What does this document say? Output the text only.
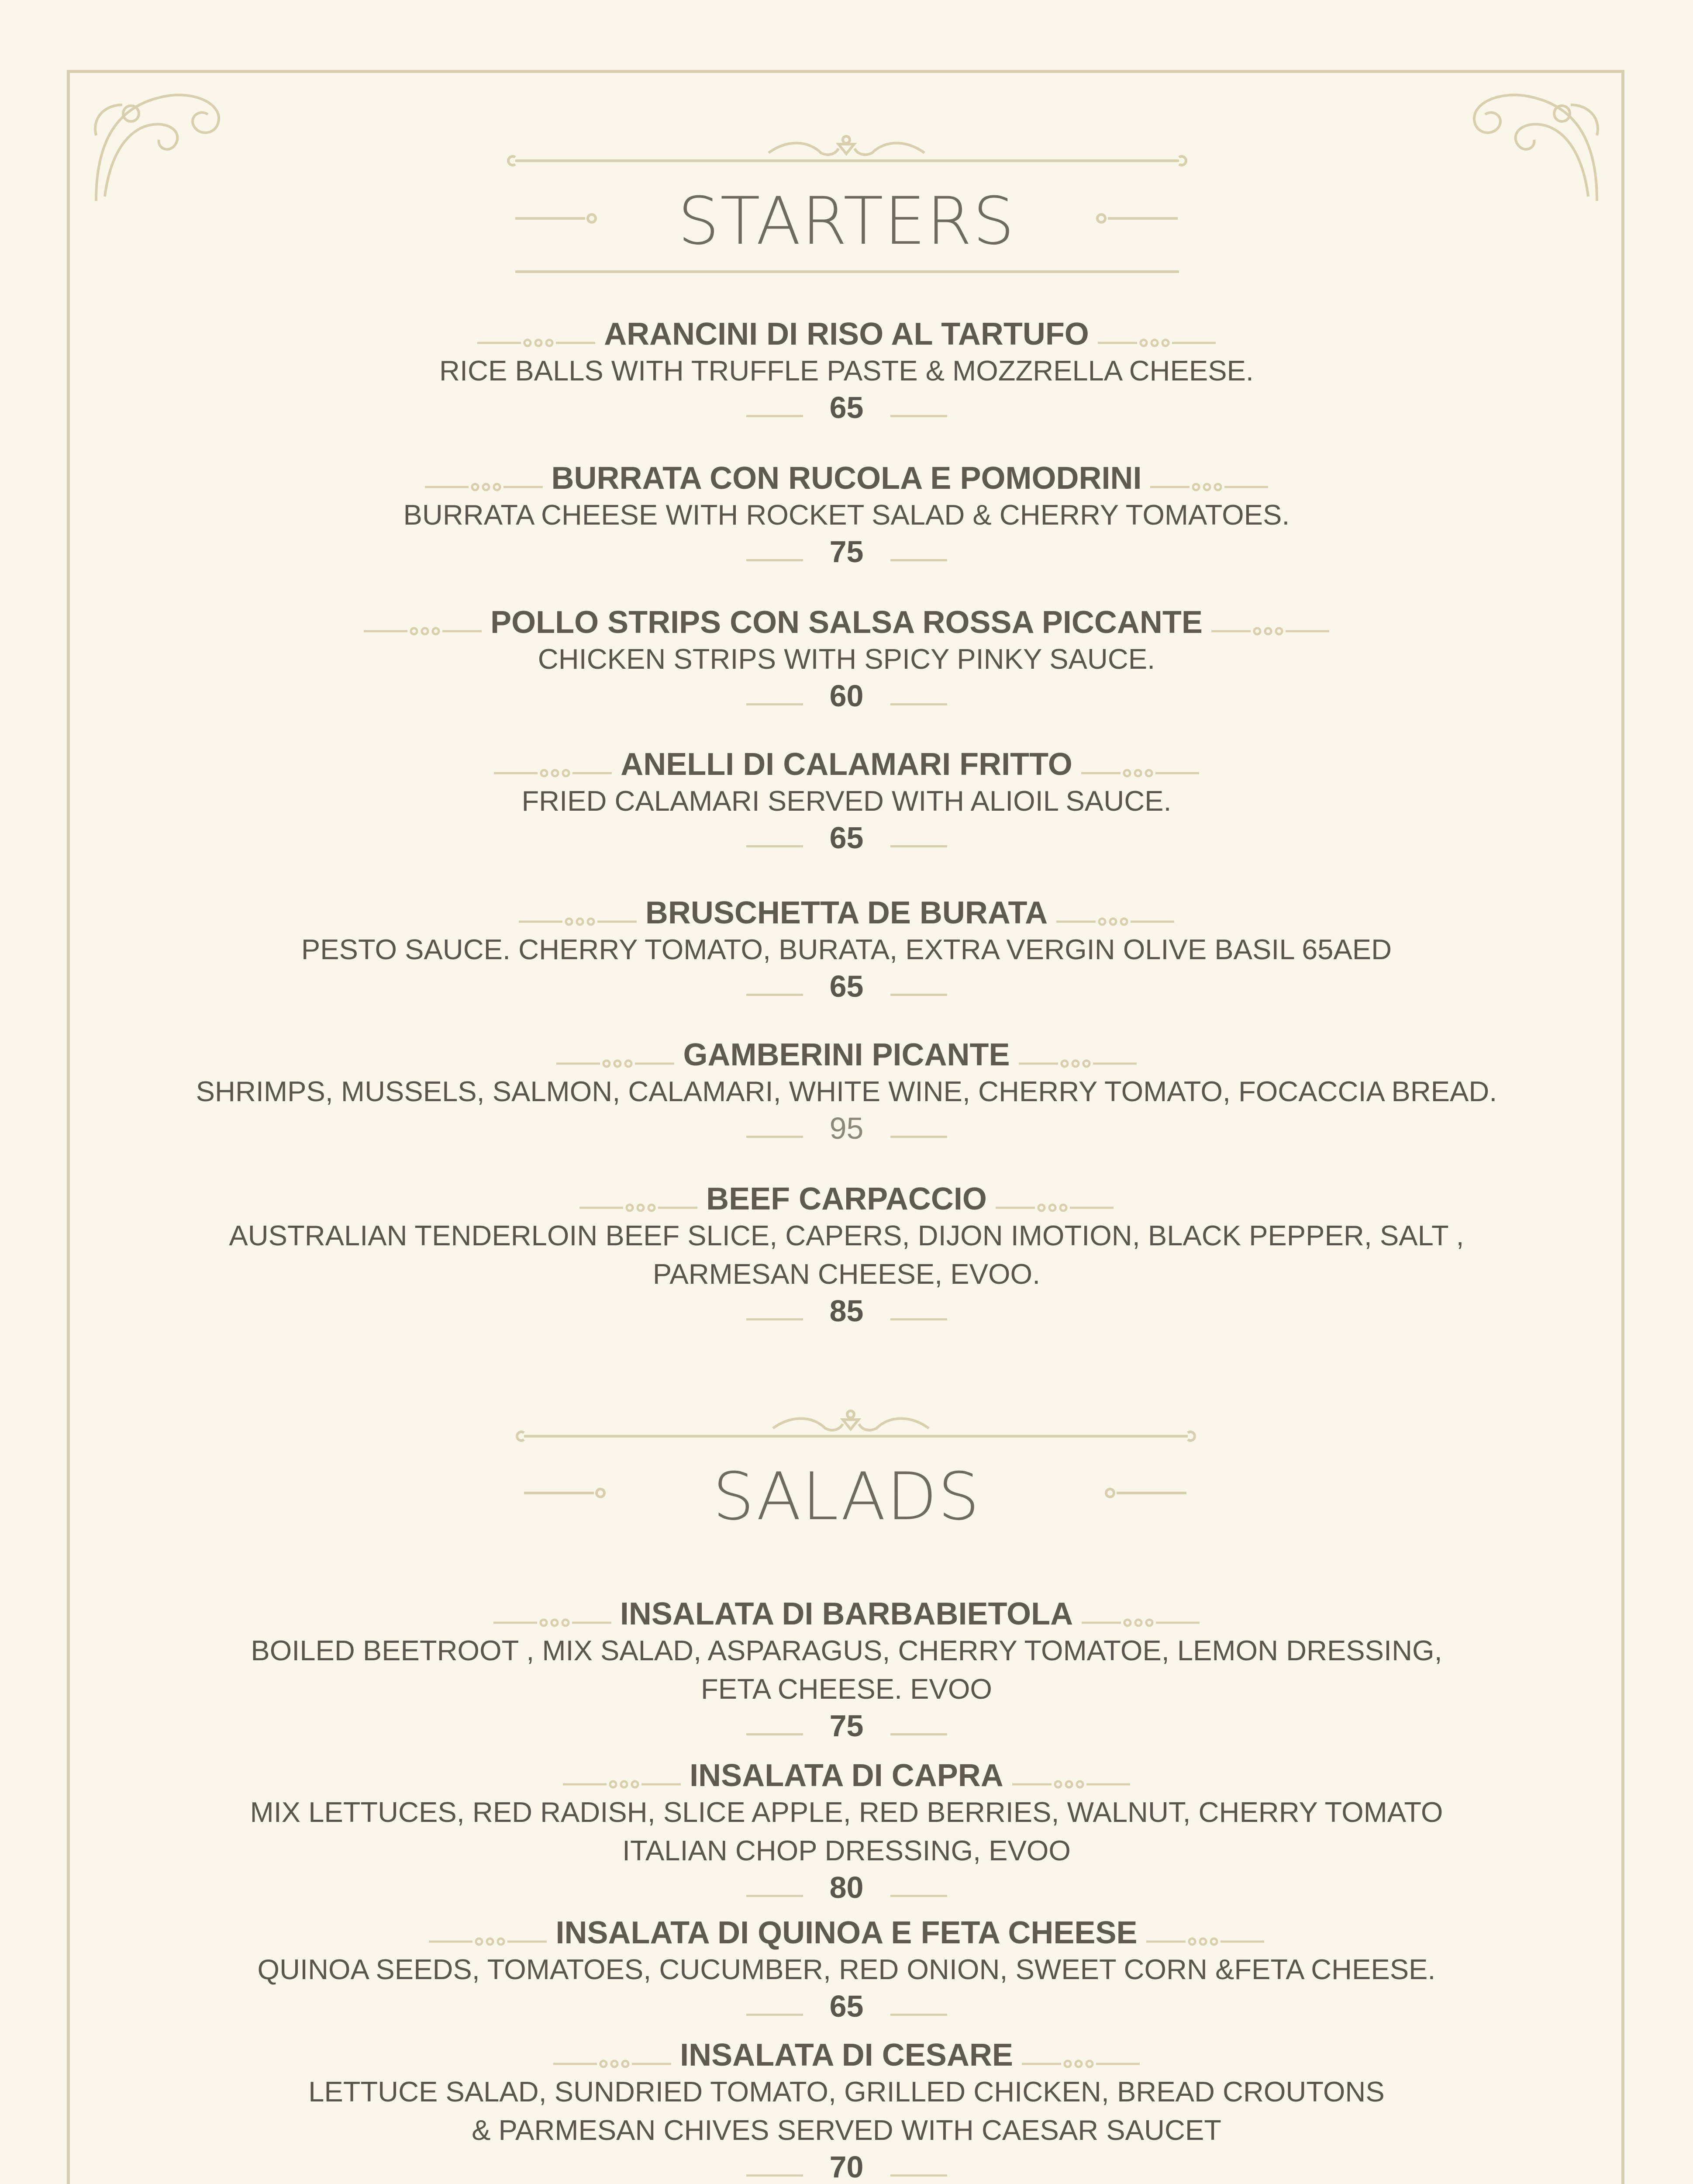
STARTERS
ARANCINI DI RISO AL TARTUFO
RICE BALLS WITH TRUFFLE PASTE & MOZZRELLA CHEESE.
65
BURRATA CON RUCOLA E POMODRINI
BURRATA CHEESE WITH ROCKET SALAD & CHERRY TOMATOES.
75
POLLO STRIPS CON SALSA ROSSA PICCANTE
CHICKEN STRIPS WITH SPICY PINKY SAUCE.
60
ANELLI DI CALAMARI FRITTO
FRIED CALAMARI SERVED WITH ALIOIL SAUCE.
65
BRUSCHETTA DE BURATA
PESTO SAUCE. CHERRY TOMATO, BURATA, EXTRA VERGIN OLIVE BASIL 65AED
65
GAMBERINI PICANTE
SHRIMPS, MUSSELS, SALMON, CALAMARI, WHITE WINE, CHERRY TOMATO, FOCACCIA BREAD.
95
BEEF CARPACCIO
AUSTRALIAN TENDERLOIN BEEF SLICE, CAPERS, DIJON IMOTION, BLACK PEPPER, SALT ,
PARMESAN CHEESE, EVOO.
85
SALADS
INSALATA DI BARBABIETOLA
BOILED BEETROOT , MIX SALAD, ASPARAGUS, CHERRY TOMATOE, LEMON DRESSING,
FETA CHEESE. EVOO
75
INSALATA DI CAPRA
MIX LETTUCES, RED RADISH, SLICE APPLE, RED BERRIES, WALNUT, CHERRY TOMATO
ITALIAN CHOP DRESSING, EVOO
80
INSALATA DI QUINOA E FETA CHEESE
QUINOA SEEDS, TOMATOES, CUCUMBER, RED ONION, SWEET CORN &FETA CHEESE.
65
INSALATA DI CESARE
LETTUCE SALAD, SUNDRIED TOMATO, GRILLED CHICKEN, BREAD CROUTONS
& PARMESAN CHIVES SERVED WITH CAESAR SAUCET
70
